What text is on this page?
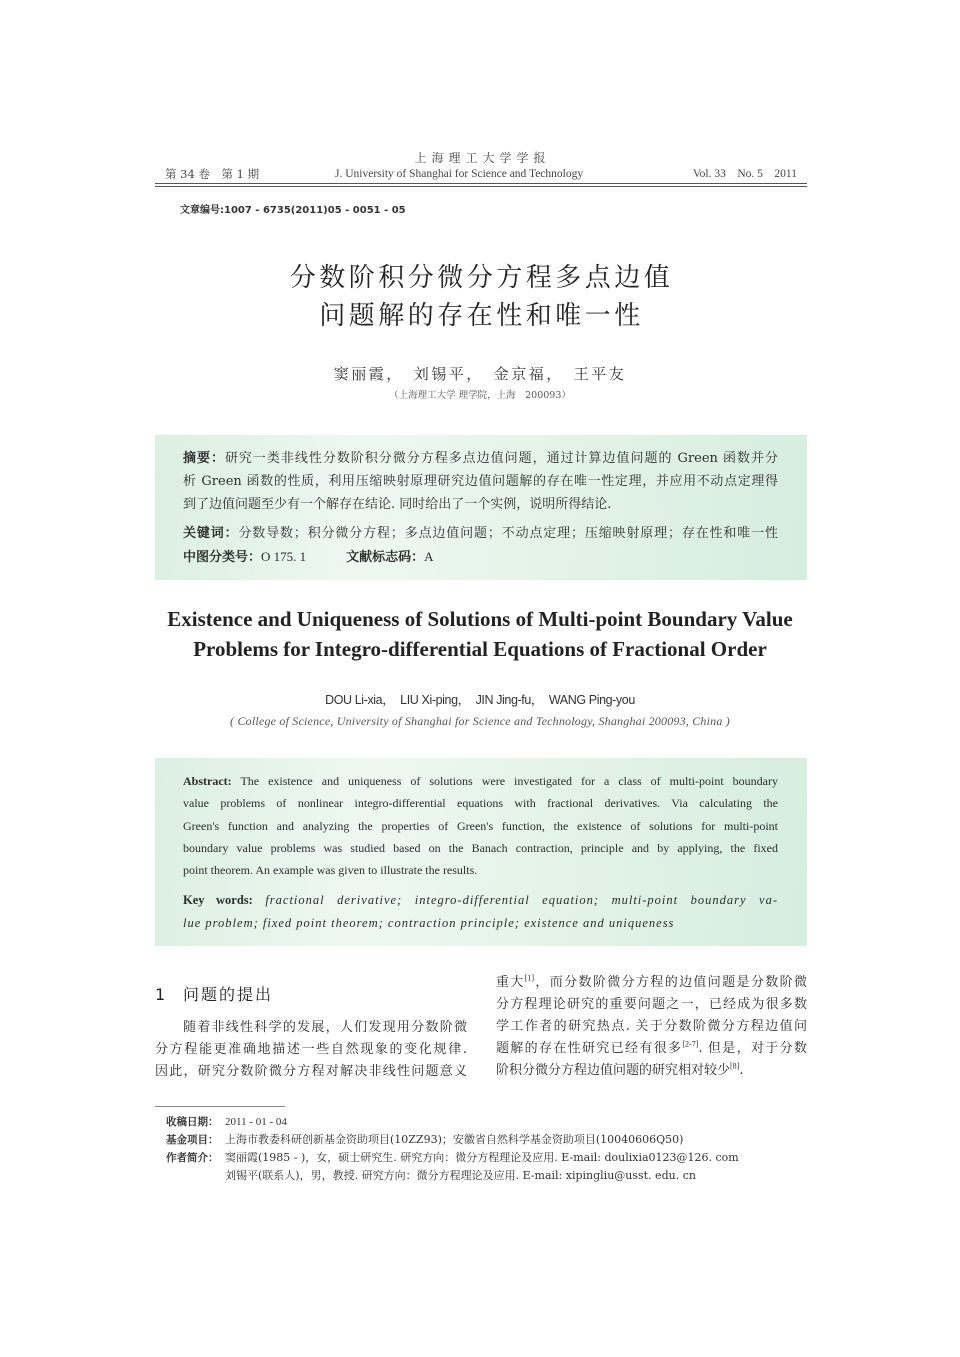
上海理工大学学报
第 34 卷　第 1 期	J. University of Shanghai for Science and Technology	Vol. 33　No. 5　2011
文章编号:1007 - 6735(2011)05 - 0051 - 05
分数阶积分微分方程多点边值
问题解的存在性和唯一性
窦丽霞，　刘锡平，　金京福，　王平友
（上海理工大学 理学院，上海　200093）
摘要：研究一类非线性分数阶积分微分方程多点边值问题，通过计算边值问题的 Green 函数并分
析 Green 函数的性质，利用压缩映射原理研究边值问题解的存在唯一性定理，并应用不动点定理得
到了边值问题至少有一个解存在结论. 同时给出了一个实例，说明所得结论.
关键词：分数导数；积分微分方程；多点边值问题；不动点定理；压缩映射原理；存在性和唯一性
中图分类号：O 175. 1	文献标志码：A
Existence and Uniqueness of Solutions of Multi-point Boundary Value
Problems for Integro-differential Equations of Fractional Order
DOU Li-xia，　LIU Xi-ping，　JIN Jing-fu，　WANG Ping-you
( College of Science, University of Shanghai for Science and Technology, Shanghai 200093, China )
Abstract: The existence and uniqueness of solutions were investigated for a class of multi-point boundary
value problems of nonlinear integro-differential equations with fractional derivatives. Via calculating the
Green's function and analyzing the properties of Green's function, the existence of solutions for multi-point
boundary value problems was studied based on the Banach contraction, principle and by applying, the fixed
point theorem. An example was given to illustrate the results.
Key words: fractional derivative; integro-differential equation; multi-point boundary va-
lue problem; fixed point theorem; contraction principle; existence and uniqueness
1 问题的提出
随着非线性科学的发展，人们发现用分数阶微
分方程能更准确地描述一些自然现象的变化规律.
因此，研究分数阶微分方程对解决非线性问题意义
重大[1]，而分数阶微分方程的边值问题是分数阶微
分方程理论研究的重要问题之一，已经成为很多数
学工作者的研究热点. 关于分数阶微分方程边值问
题解的存在性研究已经有很多[2-7]. 但是，对于分数
阶积分微分方程边值问题的研究相对较少[8].
收稿日期： 2011 - 01 - 04
基金项目： 上海市教委科研创新基金资助项目(10ZZ93)；安徽省自然科学基金资助项目(10040606Q50)
作者简介： 窦丽霞(1985 - )，女，硕士研究生. 研究方向：微分方程理论及应用. E-mail: doulixia0123@126. com
刘锡平(联系人)，男，教授. 研究方向：微分方程理论及应用. E-mail: xipingliu@usst. edu. cn
